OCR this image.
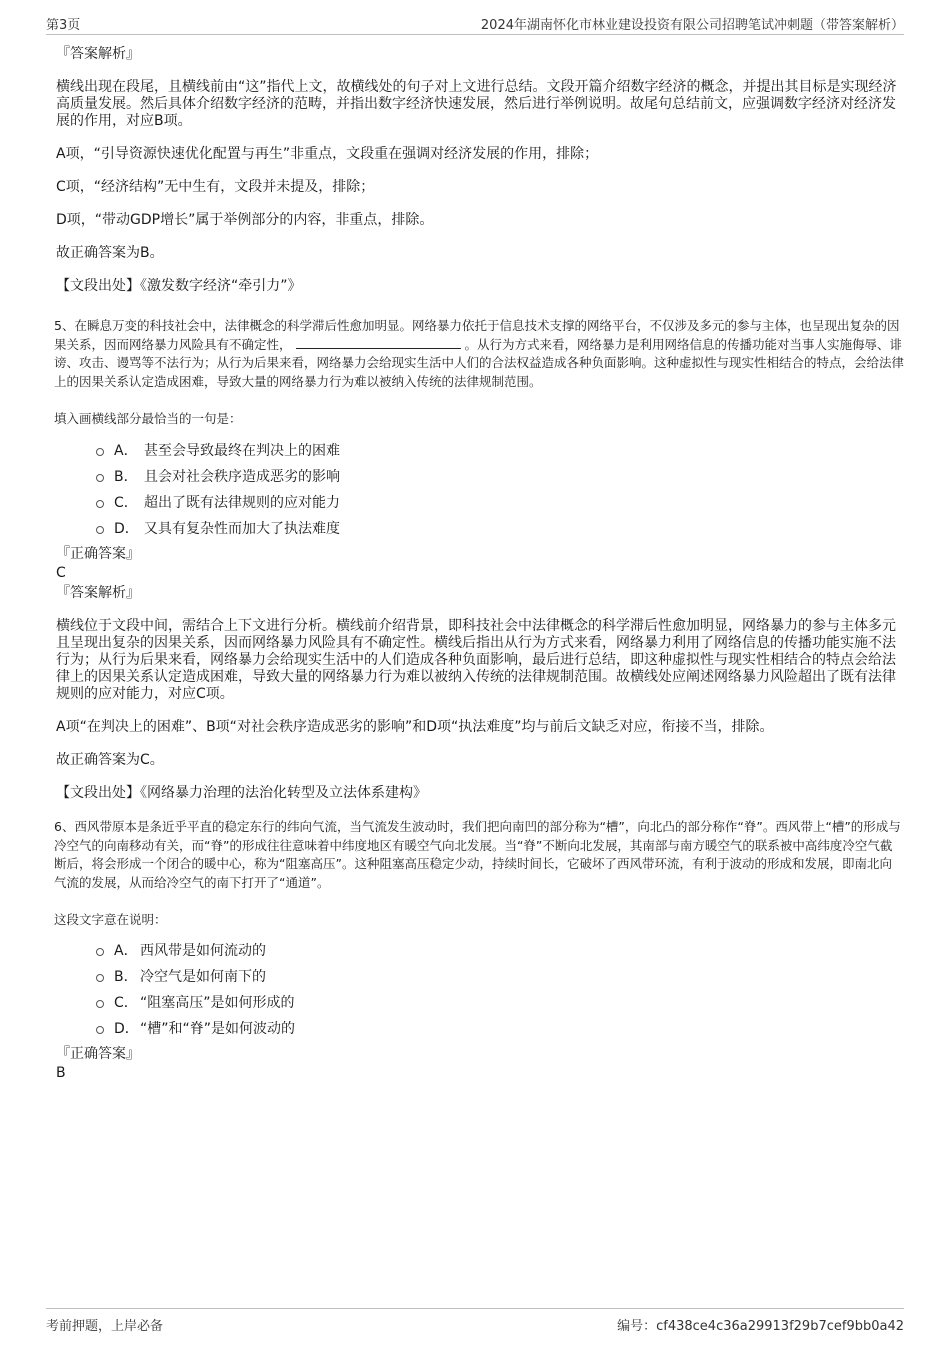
第3页	2024年湖南怀化市林业建设投资有限公司招聘笔试冲刺题（带答案解析）

『答案解析』

横线出现在段尾，且横线前由“这”指代上文，故横线处的句子对上文进行总结。文段开篇介绍数字经济的概念，并提出其目标是实现经济高质量发展。然后具体介绍数字经济的范畴，并指出数字经济快速发展，然后进行举例说明。故尾句总结前文，应强调数字经济对经济发展的作用，对应B项。

A项，“引导资源快速优化配置与再生”非重点，文段重在强调对经济发展的作用，排除；

C项，“经济结构”无中生有，文段并未提及，排除；

D项，“带动GDP增长”属于举例部分的内容，非重点，排除。

故正确答案为B。

【文段出处】《激发数字经济“牵引力”》

5、在瞬息万变的科技社会中，法律概念的科学滞后性愈加明显。网络暴力依托于信息技术支撑的网络平台，不仅涉及多元的参与主体，也呈现出复杂的因果关系，因而网络暴力风险具有不确定性，	。从行为方式来看，网络暴力是利用网络信息的传播功能对当事人实施侮辱、诽谤、攻击、谩骂等不法行为；从行为后果来看，网络暴力会给现实生活中人们的合法权益造成各种负面影响。这种虚拟性与现实性相结合的特点，会给法律上的因果关系认定造成困难，导致大量的网络暴力行为难以被纳入传统的法律规制范围。

填入画横线部分最恰当的一句是：

A． 甚至会导致最终在判决上的困难
B． 且会对社会秩序造成恶劣的影响
C． 超出了既有法律规则的应对能力
D． 又具有复杂性而加大了执法难度

『正确答案』

C

『答案解析』

横线位于文段中间，需结合上下文进行分析。横线前介绍背景，即科技社会中法律概念的科学滞后性愈加明显，网络暴力的参与主体多元且呈现出复杂的因果关系，因而网络暴力风险具有不确定性。横线后指出从行为方式来看，网络暴力利用了网络信息的传播功能实施不法行为；从行为后果来看，网络暴力会给现实生活中的人们造成各种负面影响，最后进行总结，即这种虚拟性与现实性相结合的特点会给法律上的因果关系认定造成困难，导致大量的网络暴力行为难以被纳入传统的法律规制范围。故横线处应阐述网络暴力风险超出了既有法律规则的应对能力，对应C项。

A项“在判决上的困难”、B项“对社会秩序造成恶劣的影响”和D项“执法难度”均与前后文缺乏对应，衔接不当，排除。

故正确答案为C。

【文段出处】《网络暴力治理的法治化转型及立法体系建构》

6、西风带原本是条近乎平直的稳定东行的纬向气流，当气流发生波动时，我们把向南凹的部分称为“槽”，向北凸的部分称作“脊”。西风带上“槽”的形成与冷空气的向南移动有关，而“脊”的形成往往意味着中纬度地区有暖空气向北发展。当“脊”不断向北发展，其南部与南方暖空气的联系被中高纬度冷空气截断后，将会形成一个闭合的暖中心，称为“阻塞高压”。这种阻塞高压稳定少动，持续时间长，它破坏了西风带环流，有利于波动的形成和发展，即南北向气流的发展，从而给冷空气的南下打开了“通道”。

这段文字意在说明：

A． 西风带是如何流动的
B． 冷空气是如何南下的
C． “阻塞高压”是如何形成的
D．“槽”和“脊”是如何波动的

『正确答案』

B

考前押题，上岸必备	编号：cf438ce4c36a29913f29b7cef9bb0a42
